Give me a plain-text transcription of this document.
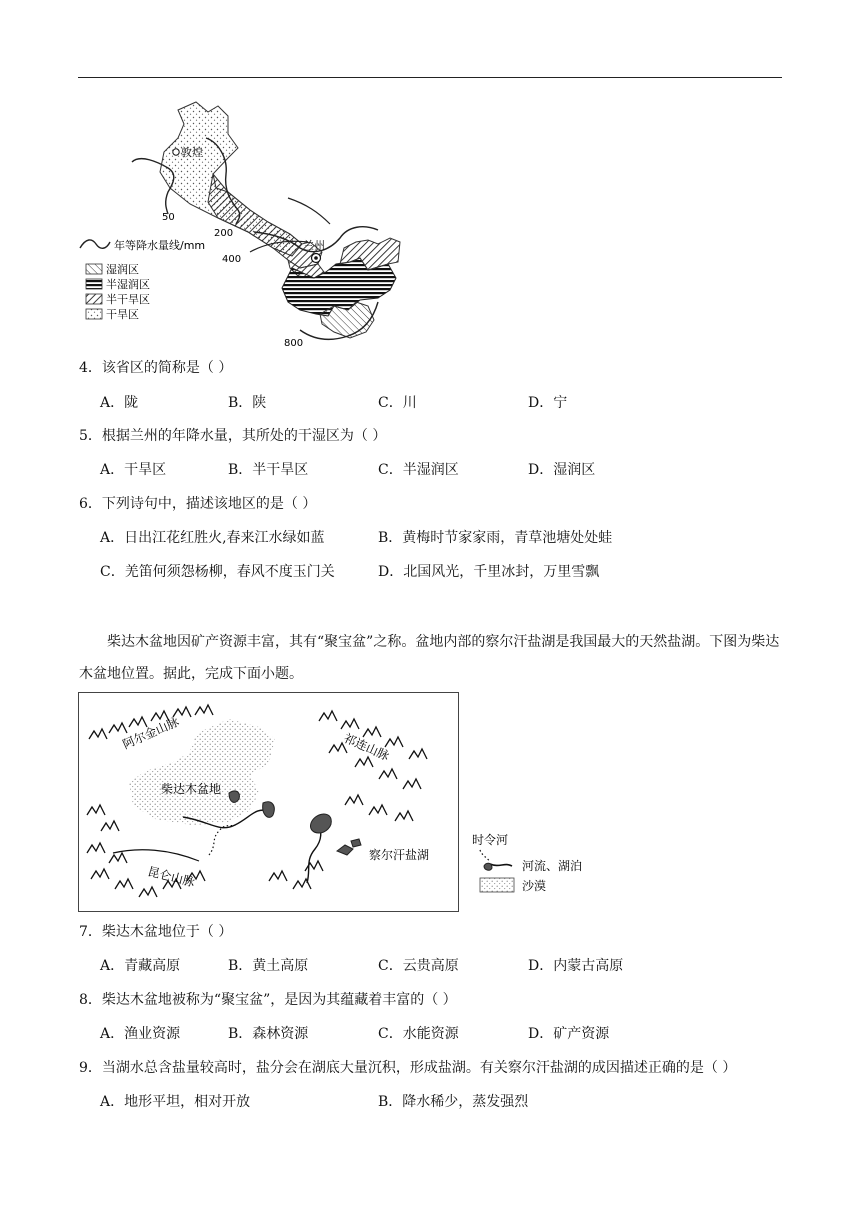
敦煌
兰州
50
200
400
800
年等降水量线/mm
湿润区
半湿润区
半干旱区
干旱区
4．该省区的简称是（ ）
A．陇	B．陕	C．川	D．宁
5．根据兰州的年降水量，其所处的干湿区为（ ）
A．干旱区	B．半干旱区	C．半湿润区	D．湿润区
6．下列诗句中，描述该地区的是（ ）
A．日出江花红胜火,春来江水绿如蓝	B．黄梅时节家家雨，青草池塘处处蛙
C．羌笛何须怨杨柳，春风不度玉门关	D．北国风光，千里冰封，万里雪飘

柴达木盆地因矿产资源丰富，其有“聚宝盆”之称。盆地内部的察尔汗盐湖是我国最大的天然盐湖。下图为柴达木盆地位置。据此，完成下面小题。

阿尔金山脉	祁连山脉
柴达木盆地
昆仑山脉
察尔汗盐湖
时令河
河流、湖泊
沙漠
7．柴达木盆地位于（ ）
A．青藏高原	B．黄土高原	C．云贵高原	D．内蒙古高原
8．柴达木盆地被称为“聚宝盆”，是因为其蕴藏着丰富的（ ）
A．渔业资源	B．森林资源	C．水能资源	D．矿产资源
9．当湖水总含盐量较高时，盐分会在湖底大量沉积，形成盐湖。有关察尔汗盐湖的成因描述正确的是（ ）
A．地形平坦，相对开放	B．降水稀少，蒸发强烈
